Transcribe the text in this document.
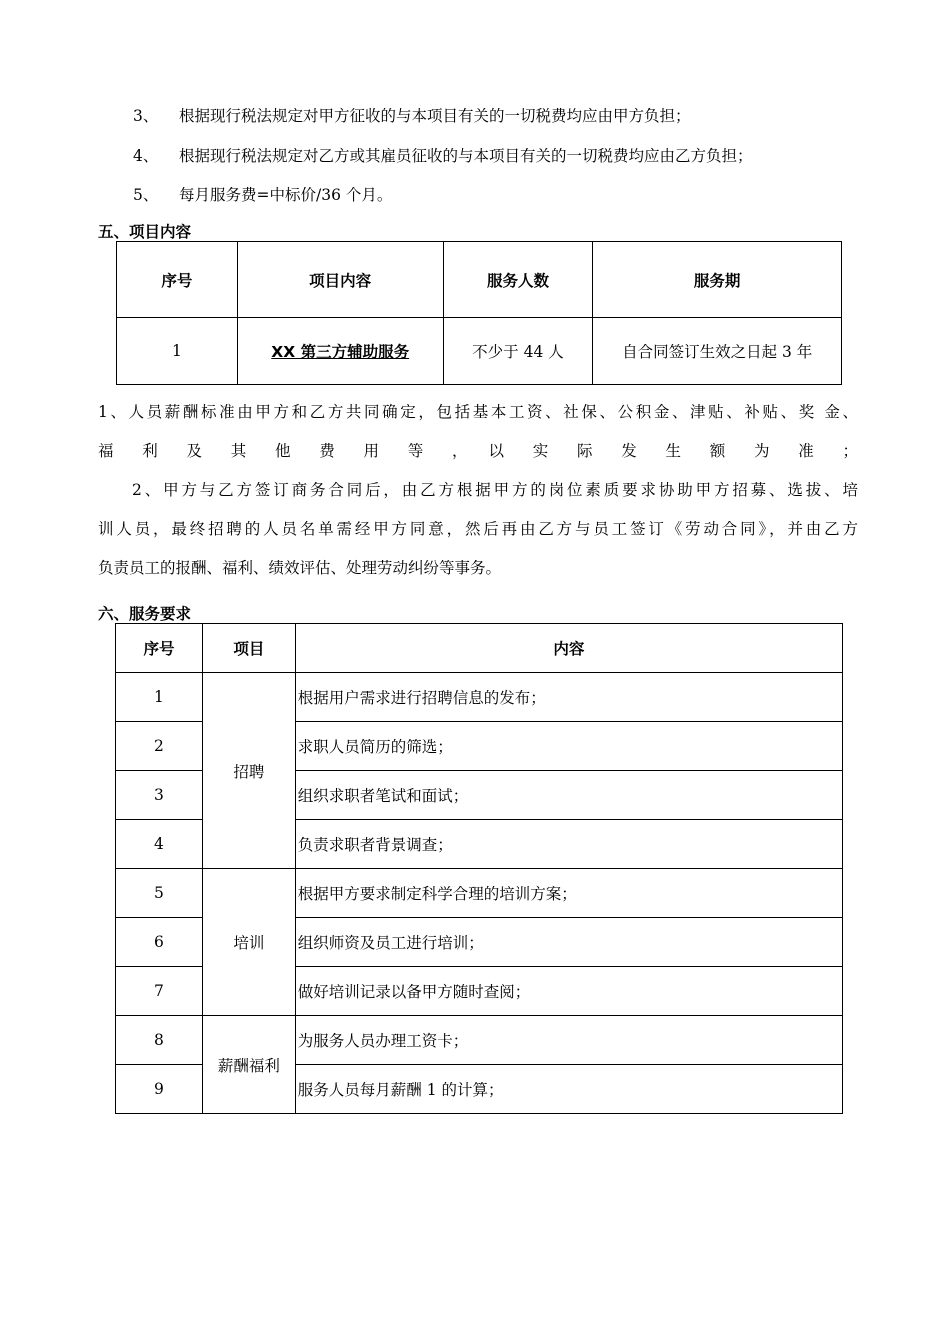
3、 根据现行税法规定对甲方征收的与本项目有关的一切税费均应由甲方负担；
4、 根据现行税法规定对乙方或其雇员征收的与本项目有关的一切税费均应由乙方负担；
5、 每月服务费=中标价/36 个月。
五、项目内容
序号	项目内容	服务人数	服务期
1	XX 第三方辅助服务	不少于 44 人	自合同签订生效之日起 3 年
1、人员薪酬标准由甲方和乙方共同确定，包括基本工资、社保、公积金、津贴、补贴、奖 金、
福　利　及　其　他　费　用　等　，　以　实　际　发　生　额　为　准　；
2、甲方与乙方签订商务合同后，由乙方根据甲方的岗位素质要求协助甲方招募、选拔、培
训人员，最终招聘的人员名单需经甲方同意，然后再由乙方与员工签订《劳动合同》，并由乙方
负责员工的报酬、福利、绩效评估、处理劳动纠纷等事务。
六、服务要求
序号	项目	内容
1	招聘	根据用户需求进行招聘信息的发布；
2		求职人员简历的筛选；
3		组织求职者笔试和面试；
4		负责求职者背景调查；
5	培训	根据甲方要求制定科学合理的培训方案；
6		组织师资及员工进行培训；
7		做好培训记录以备甲方随时查阅；
8	薪酬福利	为服务人员办理工资卡；
9		服务人员每月薪酬 1 的计算；
